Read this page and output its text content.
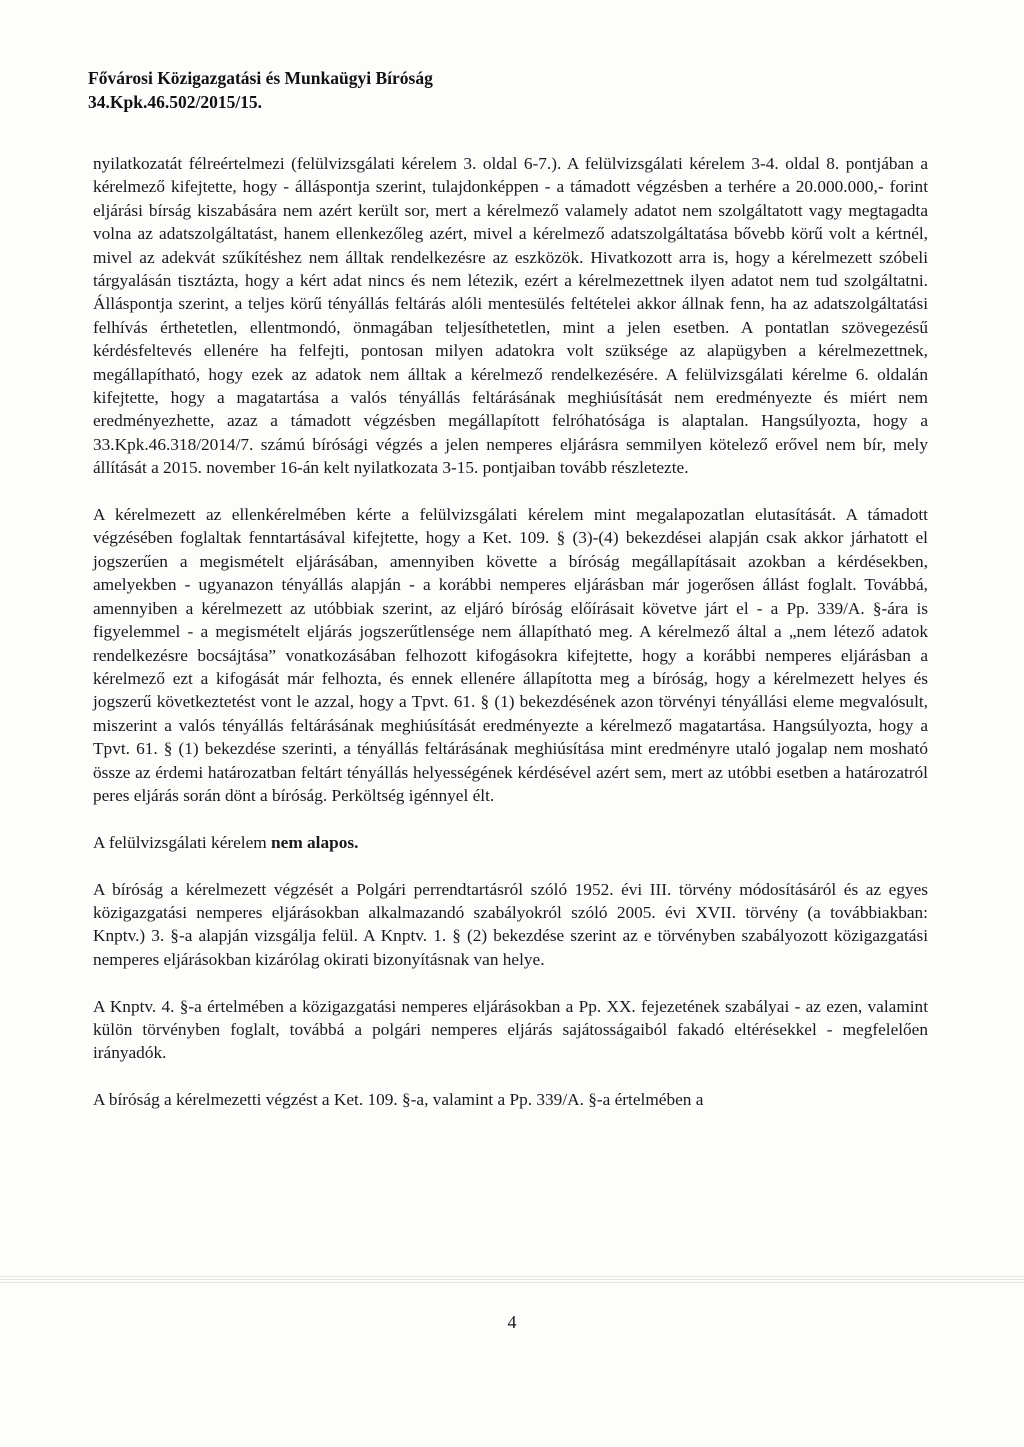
Fővárosi Közigazgatási és Munkaügyi Bíróság
34.Kpk.46.502/2015/15.

nyilatkozatát félreértelmezi (felülvizsgálati kérelem 3. oldal 6-7.). A felülvizsgálati kérelem 3-4. oldal 8. pontjában a kérelmező kifejtette, hogy - álláspontja szerint, tulajdonképpen - a támadott végzésben a terhére a 20.000.000,- forint eljárási bírság kiszabására nem azért került sor, mert a kérelmező valamely adatot nem szolgáltatott vagy megtagadta volna az adatszolgáltatást, hanem ellenkezőleg azért, mivel a kérelmező adatszolgáltatása bővebb körű volt a kértnél, mivel az adekvát szűkítéshez nem álltak rendelkezésre az eszközök. Hivatkozott arra is, hogy a kérelmezett szóbeli tárgyalásán tisztázta, hogy a kért adat nincs és nem létezik, ezért a kérelmezettnek ilyen adatot nem tud szolgáltatni. Álláspontja szerint, a teljes körű tényállás feltárás alóli mentesülés feltételei akkor állnak fenn, ha az adatszolgáltatási felhívás érthetetlen, ellentmondó, önmagában teljesíthetetlen, mint a jelen esetben. A pontatlan szövegezésű kérdésfeltevés ellenére ha felfejti, pontosan milyen adatokra volt szüksége az alapügyben a kérelmezettnek, megállapítható, hogy ezek az adatok nem álltak a kérelmező rendelkezésére. A felülvizsgálati kérelme 6. oldalán kifejtette, hogy a magatartása a valós tényállás feltárásának meghiúsítását nem eredményezte és miért nem eredményezhette, azaz a támadott végzésben megállapított felróhatósága is alaptalan. Hangsúlyozta, hogy a 33.Kpk.46.318/2014/7. számú bírósági végzés a jelen nemperes eljárásra semmilyen kötelező erővel nem bír, mely állítását a 2015. november 16-án kelt nyilatkozata 3-15. pontjaiban tovább részletezte.

A kérelmezett az ellenkérelmében kérte a felülvizsgálati kérelem mint megalapozatlan elutasítását. A támadott végzésében foglaltak fenntartásával kifejtette, hogy a Ket. 109. § (3)-(4) bekezdései alapján csak akkor járhatott el jogszerűen a megismételt eljárásában, amennyiben követte a bíróság megállapításait azokban a kérdésekben, amelyekben - ugyanazon tényállás alapján - a korábbi nemperes eljárásban már jogerősen állást foglalt. Továbbá, amennyiben a kérelmezett az utóbbiak szerint, az eljáró bíróság előírásait követve járt el - a Pp. 339/A. §-ára is figyelemmel - a megismételt eljárás jogszerűtlensége nem állapítható meg. A kérelmező által a „nem létező adatok rendelkezésre bocsájtása” vonatkozásában felhozott kifogásokra kifejtette, hogy a korábbi nemperes eljárásban a kérelmező ezt a kifogását már felhozta, és ennek ellenére állapította meg a bíróság, hogy a kérelmezett helyes és jogszerű következtetést vont le azzal, hogy a Tpvt. 61. § (1) bekezdésének azon törvényi tényállási eleme megvalósult, miszerint a valós tényállás feltárásának meghiúsítását eredményezte a kérelmező magatartása. Hangsúlyozta, hogy a Tpvt. 61. § (1) bekezdése szerinti, a tényállás feltárásának meghiúsítása mint eredményre utaló jogalap nem mosható össze az érdemi határozatban feltárt tényállás helyességének kérdésével azért sem, mert az utóbbi esetben a határozatról peres eljárás során dönt a bíróság. Perköltség igénnyel élt.

A felülvizsgálati kérelem nem alapos.

A bíróság a kérelmezett végzését a Polgári perrendtartásról szóló 1952. évi III. törvény módosításáról és az egyes közigazgatási nemperes eljárásokban alkalmazandó szabályokról szóló 2005. évi XVII. törvény (a továbbiakban: Knptv.) 3. §-a alapján vizsgálja felül. A Knptv. 1. § (2) bekezdése szerint az e törvényben szabályozott közigazgatási nemperes eljárásokban kizárólag okirati bizonyításnak van helye.

A Knptv. 4. §-a értelmében a közigazgatási nemperes eljárásokban a Pp. XX. fejezetének szabályai - az ezen, valamint külön törvényben foglalt, továbbá a polgári nemperes eljárás sajátosságaiból fakadó eltérésekkel - megfelelően irányadók.

A bíróság a kérelmezetti végzést a Ket. 109. §-a, valamint a Pp. 339/A. §-a értelmében a

4
